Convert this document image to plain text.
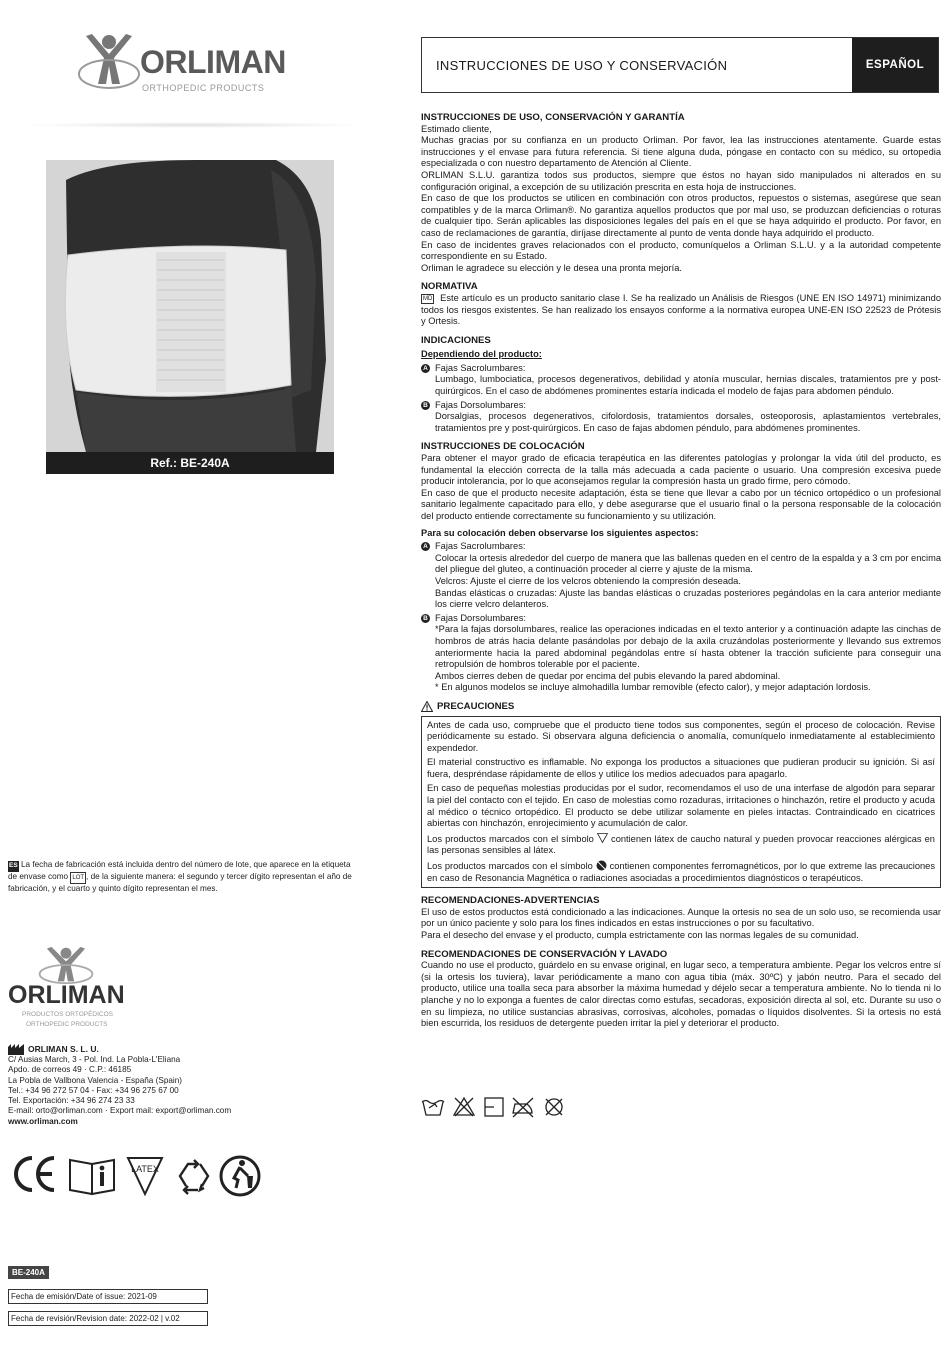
ORLIMAN
ORTHOPEDIC PRODUCTS
Ref.: BE-240A
ES La fecha de fabricación está incluida dentro del número de lote, que aparece en la etiqueta de envase como LOT , de la siguiente manera: el segundo y tercer dígito representan el año de fabricación, y el cuarto y quinto dígito representan el mes.
ORLIMAN
PRODUCTOS ORTOPÉDICOS
ORTHOPEDIC PRODUCTS
ORLIMAN S. L. U.
C/ Ausias March, 3 - Pol. Ind. La Pobla-L'Eliana
Apdo. de correos 49 · C.P.: 46185
La Pobla de Vallbona Valencia - España (Spain)
Tel.: +34 96 272 57 04 - Fax: +34 96 275 67 00
Tel. Exportación: +34 96 274 23 33
E-mail: orto@orliman.com · Export mail: export@orliman.com
www.orliman.com
LATEX
BE-240A
Fecha de emisión/Date of issue: 2021-09
Fecha de revisión/Revision date: 2022-02 | v.02
INSTRUCCIONES DE USO Y CONSERVACIÓN	ESPAÑOL

INSTRUCCIONES DE USO, CONSERVACIÓN Y GARANTÍA

Estimado cliente,

Muchas gracias por su confianza en un producto Orliman. Por favor, lea las instrucciones atentamente. Guarde estas instrucciones y el envase para futura referencia. Si tiene alguna duda, póngase en contacto con su médico, su ortopedia especializada o con nuestro departamento de Atención al Cliente.

ORLIMAN S.L.U. garantiza todos sus productos, siempre que éstos no hayan sido manipulados ni alterados en su configuración original, a excepción de su utilización prescrita en esta hoja de instrucciones.

En caso de que los productos se utilicen en combinación con otros productos, repuestos o sistemas, asegúrese que sean compatibles y de la marca Orliman®. No garantiza aquellos productos que por mal uso, se produzcan deficiencias o roturas de cualquier tipo. Serán aplicables las disposiciones legales del país en el que se haya adquirido el producto. Por favor, en caso de reclamaciones de garantía, diríjase directamente al punto de venta donde haya adquirido el producto.

En caso de incidentes graves relacionados con el producto, comuníquelos a Orliman S.L.U. y a la autoridad competente correspondiente en su Estado.

Orliman le agradece su elección y le desea una pronta mejoría.

NORMATIVA

MD Este artículo es un producto sanitario clase I. Se ha realizado un Análisis de Riesgos (UNE EN ISO 14971) minimizando todos los riesgos existentes. Se han realizado los ensayos conforme a la normativa europea UNE-EN ISO 22523 de Prótesis y Ortesis.

INDICACIONES

Dependiendo del producto:

A Fajas Sacrolumbares:

Lumbago, lumbociatica, procesos degenerativos, debilidad y atonía muscular, hernias discales, tratamientos pre y post-quirúrgicos. En el caso de abdómenes prominentes estaría indicada el modelo de fajas para abdomen péndulo.

B Fajas Dorsolumbares:

Dorsalgias, procesos degenerativos, cifolordosis, tratamientos dorsales, osteoporosis, aplastamientos vertebrales, tratamientos pre y post-quirúrgicos. En caso de fajas abdomen péndulo, para abdómenes prominentes.

INSTRUCCIONES DE COLOCACIÓN

Para obtener el mayor grado de eficacia terapéutica en las diferentes patologías y prolongar la vida útil del producto, es fundamental la elección correcta de la talla más adecuada a cada paciente o usuario. Una compresión excesiva puede producir intolerancia, por lo que aconsejamos regular la compresión hasta un grado firme, pero cómodo.

En caso de que el producto necesite adaptación, ésta se tiene que llevar a cabo por un técnico ortopédico o un profesional sanitario legalmente capacitado para ello, y debe asegurarse que el usuario final o la persona responsable de la colocación del producto entiende correctamente su funcionamiento y su utilización.

Para su colocación deben observarse los siguientes aspectos:

A Fajas Sacrolumbares:

Colocar la ortesis alrededor del cuerpo de manera que las ballenas queden en el centro de la espalda y a 3 cm por encima del pliegue del gluteo, a continuación proceder al cierre y ajuste de la misma.

Velcros: Ajuste el cierre de los velcros obteniendo la compresión deseada.

Bandas elásticas o cruzadas: Ajuste las bandas elásticas o cruzadas posteriores pegándolas en la cara anterior mediante los cierre velcro delanteros.

B Fajas Dorsolumbares:

*Para la fajas dorsolumbares, realice las operaciones indicadas en el texto anterior y a continuación adapte las cinchas de hombros de atrás hacia delante pasándolas por debajo de la axila cruzándolas posteriormente y llevando sus extremos anteriormente hacia la pared abdominal pegándolas entre sí hasta obtener la tracción suficiente para conseguir una retropulsión de hombros tolerable por el paciente.

Ambos cierres deben de quedar por encima del pubis elevando la pared abdominal.

* En algunos modelos se incluye almohadilla lumbar removible (efecto calor), y mejor adaptación lordosis.

PRECAUCIONES

Antes de cada uso, compruebe que el producto tiene todos sus componentes, según el proceso de colocación. Revise periódicamente su estado. Si observara alguna deficiencia o anomalía, comuníquelo inmediatamente al establecimiento expendedor.

El material constructivo es inflamable. No exponga los productos a situaciones que pudieran producir su ignición. Si así fuera, despréndase rápidamente de ellos y utilice los medios adecuados para apagarlo.

En caso de pequeñas molestias producidas por el sudor, recomendamos el uso de una interfase de algodón para separar la piel del contacto con el tejido. En caso de molestias como rozaduras, irritaciones o hinchazón, retire el producto y acuda al médico o técnico ortopédico. El producto se debe utilizar solamente en pieles intactas. Contraindicado en cicatrices abiertas con hinchazón, enrojecimiento y acumulación de calor.

Los productos marcados con el símbolo contienen látex de caucho natural y pueden provocar reacciones alérgicas en las personas sensibles al látex.

Los productos marcados con el símbolo contienen componentes ferromagnéticos, por lo que extreme las precauciones en caso de Resonancia Magnética o radiaciones asociadas a procedimientos diagnósticos o terapéuticos.

RECOMENDACIONES-ADVERTENCIAS

El uso de estos productos está condicionado a las indicaciones. Aunque la ortesis no sea de un solo uso, se recomienda usar por un único paciente y solo para los fines indicados en estas instrucciones o por su facultativo.

Para el desecho del envase y el producto, cumpla estrictamente con las normas legales de su comunidad.

RECOMENDACIONES DE CONSERVACIÓN Y LAVADO

Cuando no use el producto, guárdelo en su envase original, en lugar seco, a temperatura ambiente. Pegar los velcros entre sí (si la ortesis los tuviera), lavar periódicamente a mano con agua tibia (máx. 30ºC) y jabón neutro. Para el secado del producto, utilice una toalla seca para absorber la máxima humedad y déjelo secar a temperatura ambiente. No lo tienda ni lo planche y no lo exponga a fuentes de calor directas como estufas, secadoras, exposición directa al sol, etc. Durante su uso o en su limpieza, no utilice sustancias abrasivas, corrosivas, alcoholes, pomadas o líquidos disolventes. Si la ortesis no está bien escurrida, los residuos de detergente pueden irritar la piel y deteriorar el producto.
